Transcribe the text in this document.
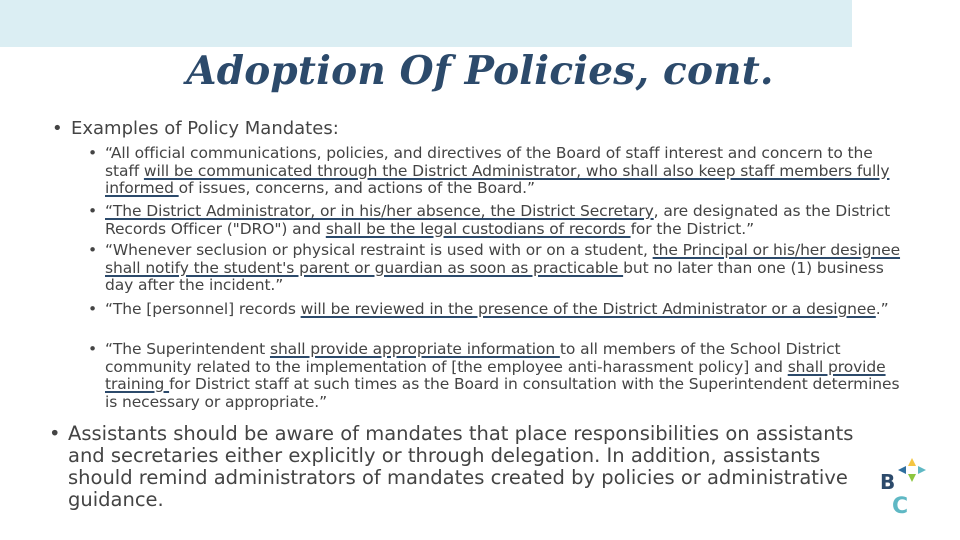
Adoption Of Policies, cont.
• Examples of Policy Mandates:
• “All official communications, policies, and directives of the Board of staff interest and concern to the staff will be communicated through the District Administrator, who shall also keep staff members fully informed of issues, concerns, and actions of the Board.”

• “The District Administrator, or in his/her absence, the District Secretary, are designated as the District Records Officer ("DRO") and shall be the legal custodians of records for the District.”

• “Whenever seclusion or physical restraint is used with or on a student, the Principal or his/her designee shall notify the student's parent or guardian as soon as practicable but no later than one (1) business day after the incident.”

• “The [personnel] records will be reviewed in the presence of the District Administrator or a designee.”

• “The Superintendent shall provide appropriate information to all members of the School District community related to the implementation of [the employee anti-harassment policy] and shall provide training for District staff at such times as the Board in consultation with the Superintendent determines is necessary or appropriate.”

• Assistants should be aware of mandates that place responsibilities on assistants and secretaries either explicitly or through delegation. In addition, assistants should remind administrators of mandates created by policies or administrative guidance.
B
C
